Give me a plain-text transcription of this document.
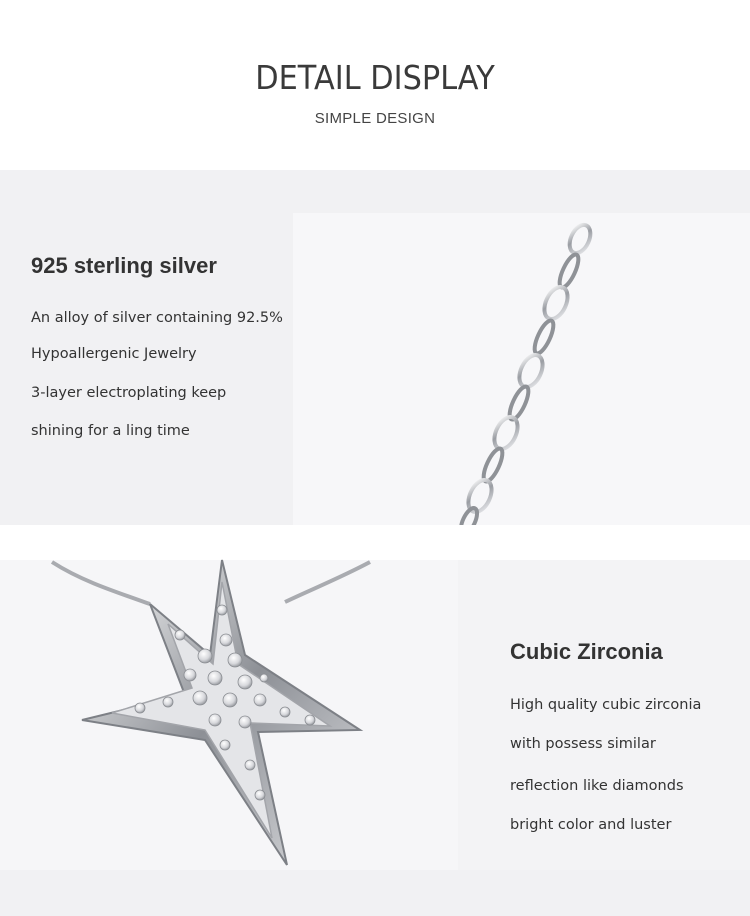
DETAIL DISPLAY
SIMPLE DESIGN
925 sterling silver
An alloy of silver containing 92.5%
Hypoallergenic Jewelry
3-layer electroplating keep
shining for a ling time
Cubic Zirconia
High quality cubic zirconia
with possess similar
reflection like diamonds
bright color and luster
